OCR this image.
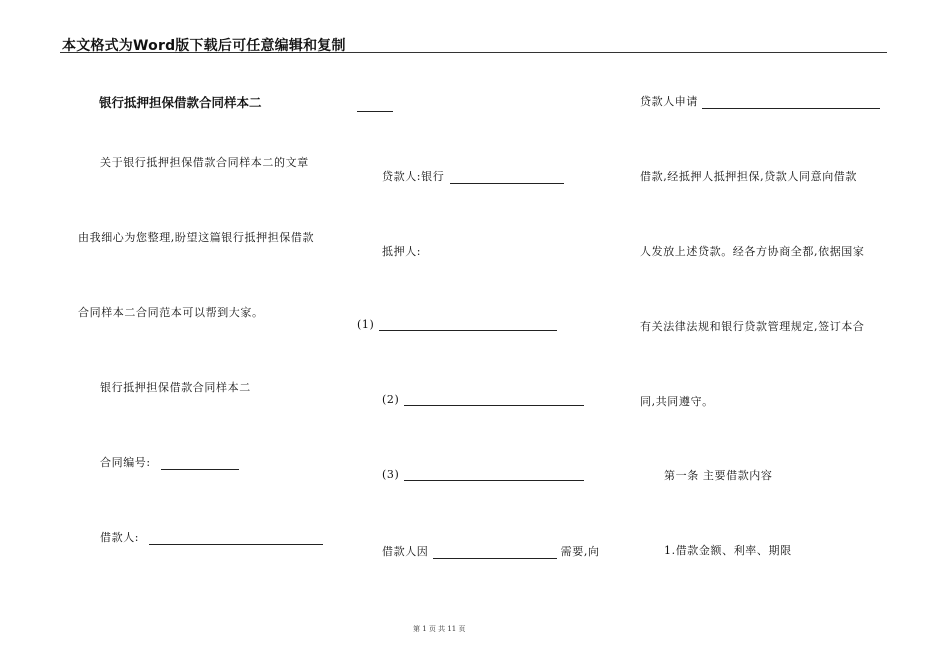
本文格式为Word版下载后可任意编辑和复制
银行抵押担保借款合同样本二
关于银行抵押担保借款合同样本二的文章
由我细心为您整理,盼望这篇银行抵押担保借款
合同样本二合同范本可以帮到大家。
银行抵押担保借款合同样本二
合同编号:
借款人:
贷款人:银行
抵押人:
(1)
(2)
(3)
借款人因	需要,向
贷款人申请
借款,经抵押人抵押担保,贷款人同意向借款
人发放上述贷款。经各方协商全都,依据国家
有关法律法规和银行贷款管理规定,签订本合
同,共同遵守。
第一条 主要借款内容
1.借款金额、利率、期限
第 1 页 共 11 页
